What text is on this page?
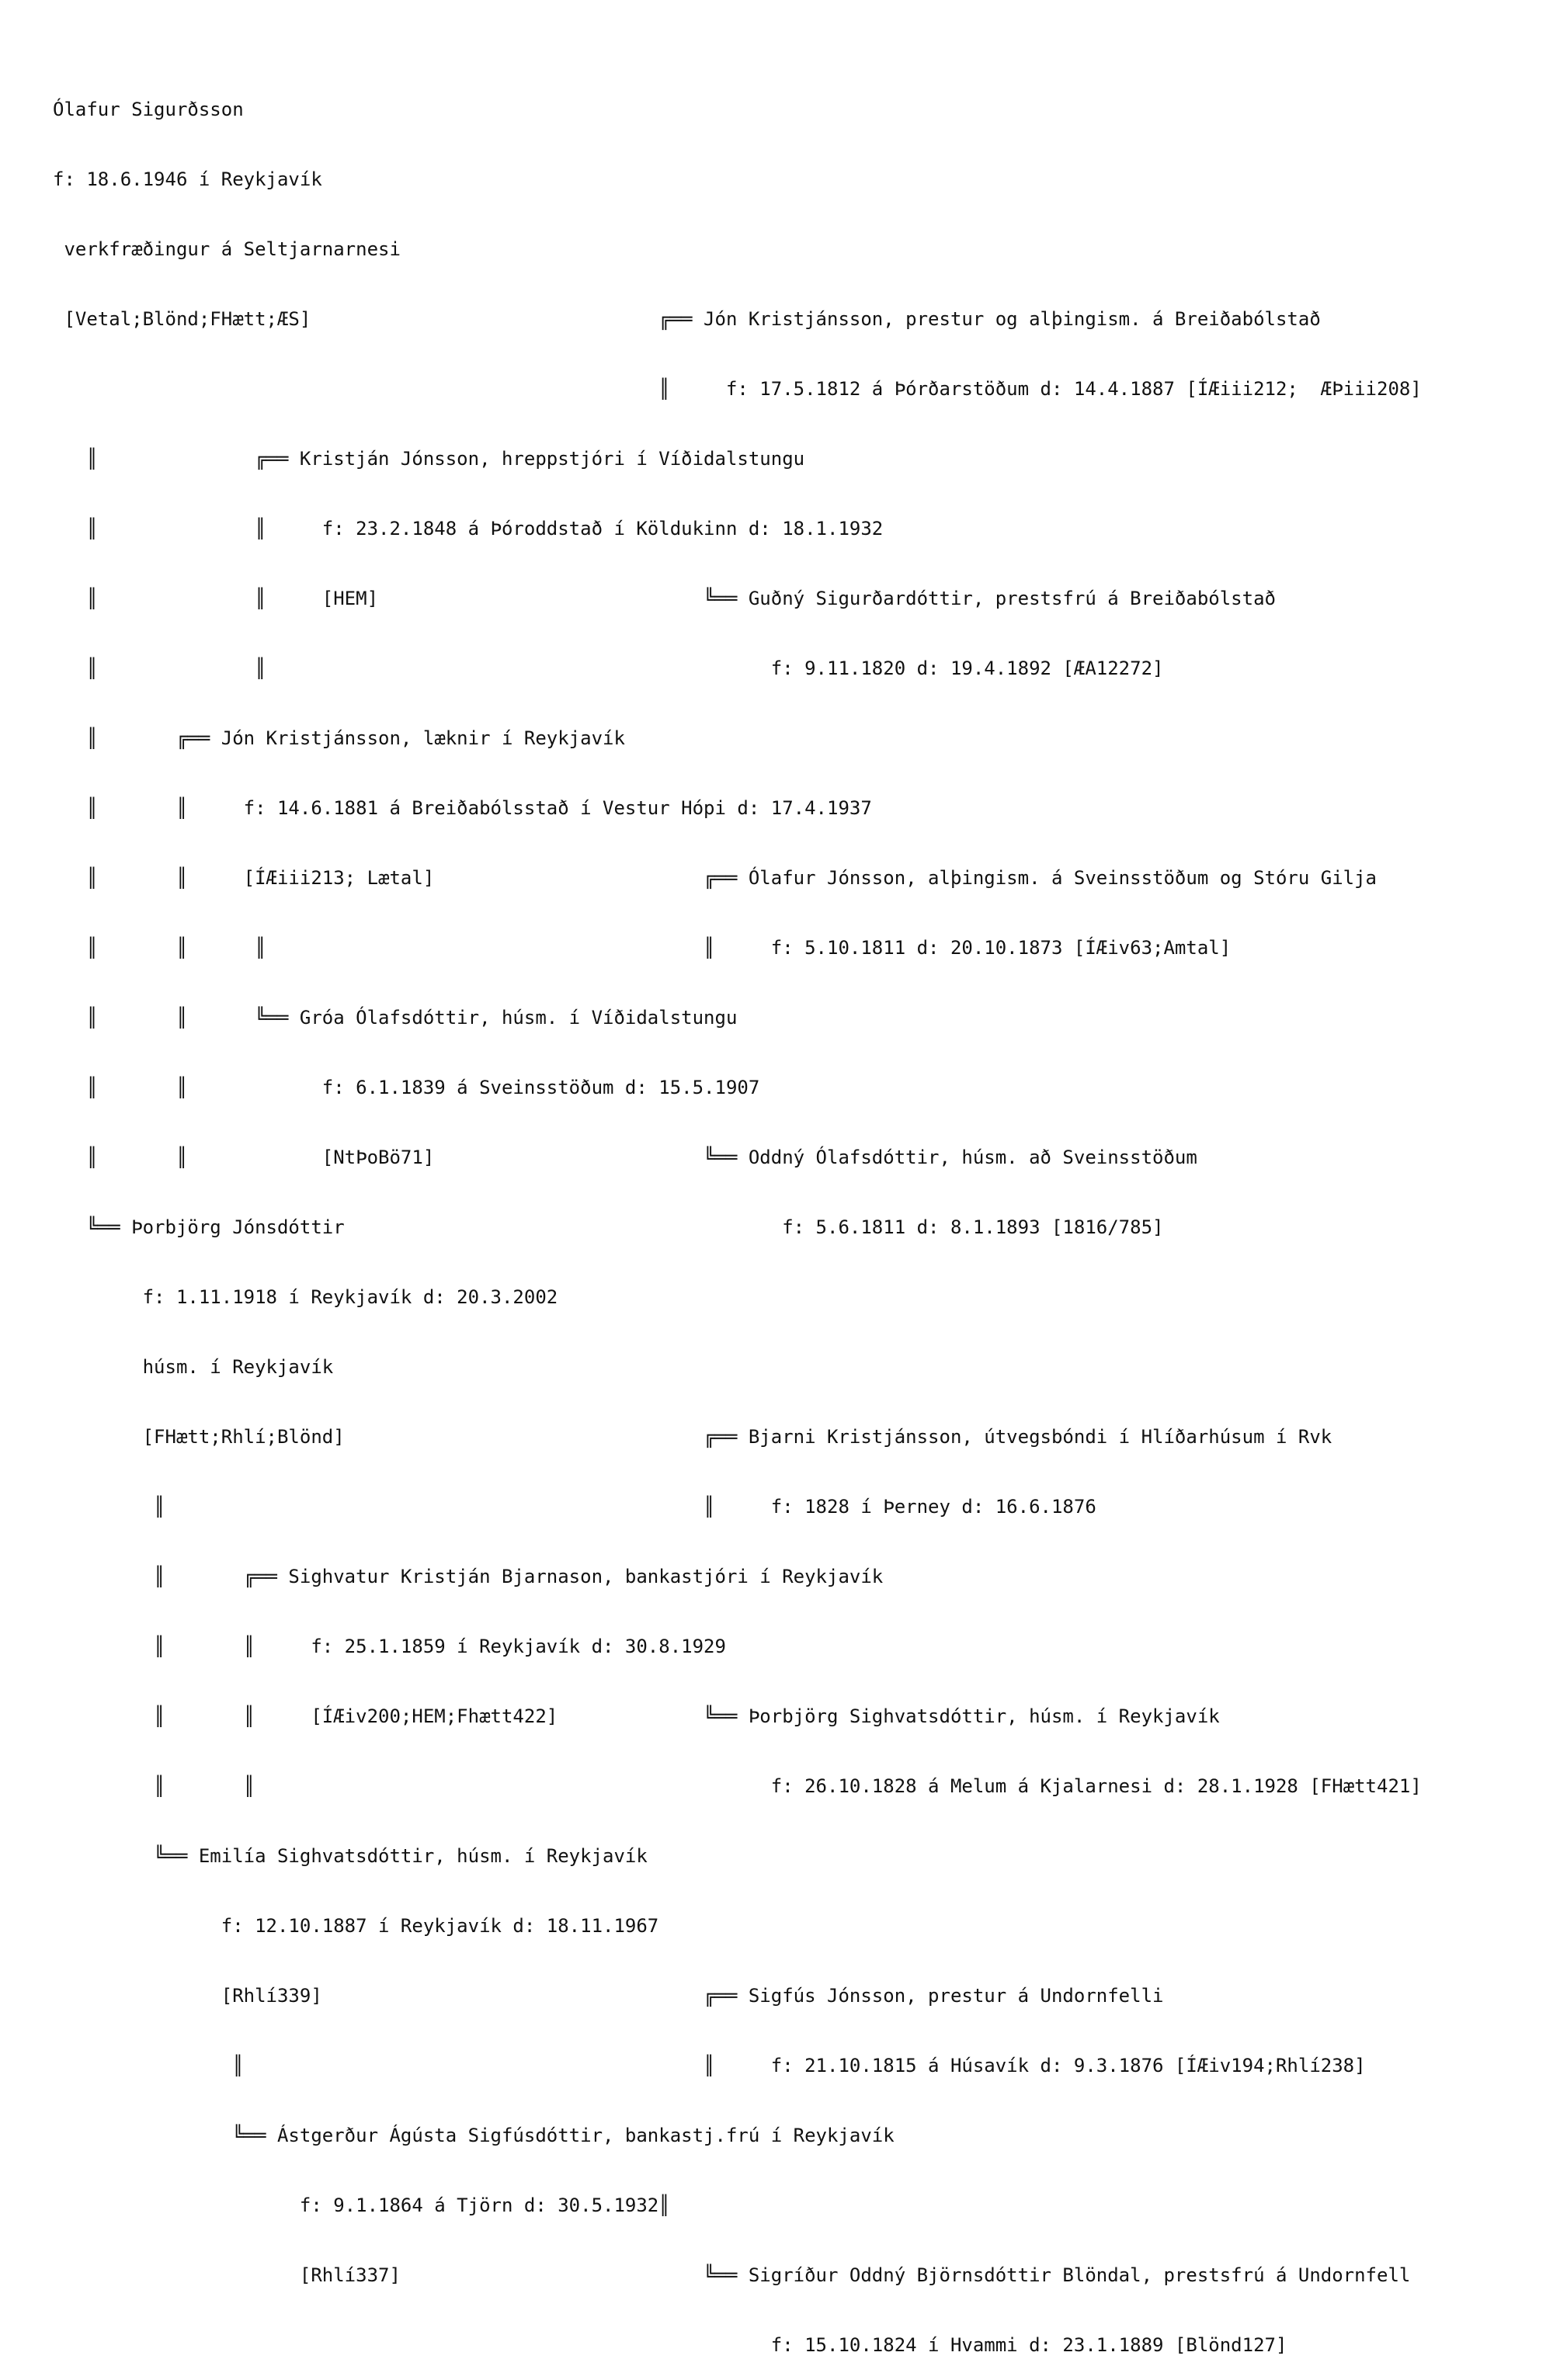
Ólafur Sigurðsson

f: 18.6.1946 í Reykjavík

verkfræðingur á Seltjarnarnesi

[Vetal;Blönd;FHætt;ÆS]                               ╔══ Jón Kristjánsson, prestur og alþingism. á Breiðabólstað

║     f: 17.5.1812 á Þórðarstöðum d: 14.4.1887 [ÍÆiii212;  ÆÞiii208]

║              ╔══ Kristján Jónsson, hreppstjóri í Víðidalstungu

║              ║     f: 23.2.1848 á Þóroddstað í Köldukinn d: 18.1.1932

║              ║     [HEM]                             ╚══ Guðný Sigurðardóttir, prestsfrú á Breiðabólstað

║              ║                                             f: 9.11.1820 d: 19.4.1892 [ÆA12272]

║       ╔══ Jón Kristjánsson, læknir í Reykjavík

║       ║     f: 14.6.1881 á Breiðabólsstað í Vestur Hópi d: 17.4.1937

║       ║     [ÍÆiii213; Lætal]                        ╔══ Ólafur Jónsson, alþingism. á Sveinsstöðum og Stóru Gilja

║       ║      ║                                       ║     f: 5.10.1811 d: 20.10.1873 [ÍÆiv63;Amtal]

║       ║      ╚══ Gróa Ólafsdóttir, húsm. í Víðidalstungu

║       ║            f: 6.1.1839 á Sveinsstöðum d: 15.5.1907

║       ║            [NtÞoBö71]                        ╚══ Oddný Ólafsdóttir, húsm. að Sveinsstöðum

╚══ Þorbjörg Jónsdóttir                                       f: 5.6.1811 d: 8.1.1893 [1816/785]

f: 1.11.1918 í Reykjavík d: 20.3.2002

húsm. í Reykjavík

[FHætt;Rhlí;Blönd]                                ╔══ Bjarni Kristjánsson, útvegsbóndi í Hlíðarhúsum í Rvk

║                                                ║     f: 1828 í Þerney d: 16.6.1876

║       ╔══ Sighvatur Kristján Bjarnason, bankastjóri í Reykjavík

║       ║     f: 25.1.1859 í Reykjavík d: 30.8.1929

║       ║     [ÍÆiv200;HEM;Fhætt422]             ╚══ Þorbjörg Sighvatsdóttir, húsm. í Reykjavík

║       ║                                              f: 26.10.1828 á Melum á Kjalarnesi d: 28.1.1928 [FHætt421]

╚══ Emilía Sighvatsdóttir, húsm. í Reykjavík

f: 12.10.1887 í Reykjavík d: 18.11.1967

[Rhlí339]                                  ╔══ Sigfús Jónsson, prestur á Undornfelli

║                                         ║     f: 21.10.1815 á Húsavík d: 9.3.1876 [ÍÆiv194;Rhlí238]

╚══ Ástgerður Ágústa Sigfúsdóttir, bankastj.frú í Reykjavík

f: 9.1.1864 á Tjörn d: 30.5.1932║

[Rhlí337]                           ╚══ Sigríður Oddný Björnsdóttir Blöndal, prestsfrú á Undornfell

f: 15.10.1824 í Hvammi d: 23.1.1889 [Blönd127]
